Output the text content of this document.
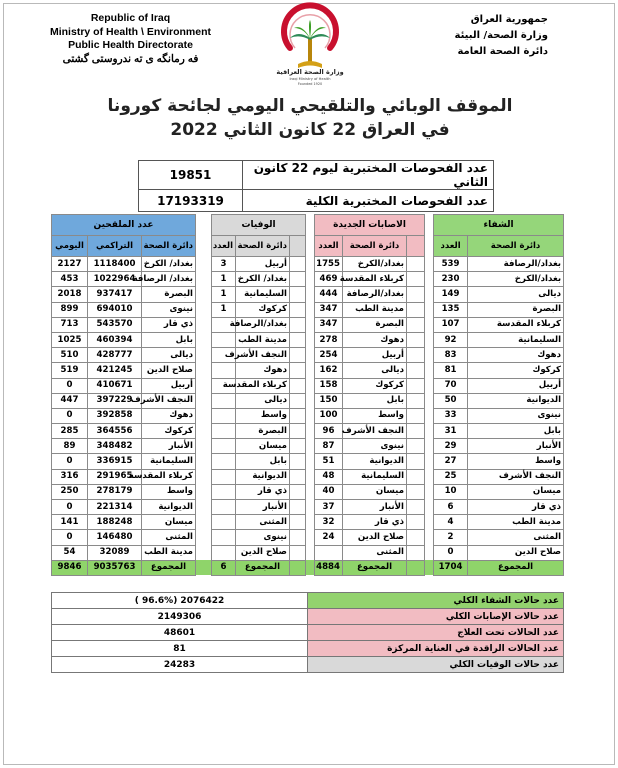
Republic of Iraq
Ministry of Health \ Environment
Public Health Directorate
فه رمانگه ی ته ندروستی گشتی
جمهورية العراق
وزارة الصحة/ البيئة
دائرة الصحة العامة
وزارة الصحة العراقية
Iraqi Ministry of Health
Founded 1920
الموقف الوبائي والتلقيحي اليومي لجائحة كورونا
في العراق 22 كانون الثاني 2022
19851	عدد الفحوصات المختبرية ليوم 22 كانون الثاني
17193319	عدد الفحوصات المختبرية الكلية
عدد الملقحين				الوفيات				الاصابات الجديدة				الشفاء	
اليومي	التراكمي	دائرة الصحة		العدد	دائرة الصحة			العدد	دائرة الصحة			العدد	دائرة الصحة
2127	1118400	بغداد/ الكرخ		3	أربيل			1755	بغداد/الكرخ			539	بغداد/الرصافة
453	1022964	بغداد/ الرصافة		1	بغداد/ الكرخ			469	كربلاء المقدسة			230	بغداد/الكرخ
2018	937417	البصرة		1	السليمانية			444	بغداد/الرصافة			149	ديالى
899	694010	نينوى		1	كركوك			347	مدينة الطب			135	البصرة
713	543570	ذي قار			بغداد/الرصافة			347	البصرة			107	كربلاء المقدسة
1025	460394	بابل			مدينة الطب			278	دهوك			92	السليمانية
510	428777	ديالى			النجف الأشرف			254	أربيل			83	دهوك
519	421245	صلاح الدين			دهوك			162	ديالى			81	كركوك
0	410671	أربيل			كربلاء المقدسة			158	كركوك			70	أربيل
447	397229	النجف الأشرف			ديالى			150	بابل			50	الديوانية
0	392858	دهوك			واسط			100	واسط			33	نينوى
285	364556	كركوك			البصرة			96	النجف الأشرف			31	بابل
89	348482	الأنبار			ميسان			87	نينوى			29	الأنبار
0	336915	السليمانية			بابل			51	الديوانية			27	واسط
316	291965	كربلاء المقدسة			الديوانية			48	السليمانية			25	النجف الأشرف
250	278179	واسط			ذي قار			40	ميسان			10	ميسان
0	221314	الديوانية			الأنبار			37	الأنبار			6	ذي قار
141	188248	ميسان			المثنى			32	ذي قار			4	مدينة الطب
0	146480	المثنى			نينوى			24	صلاح الدين			2	المثنى
54	32089	مدينة الطب			صلاح الدين				المثنى			0	صلاح الدين
9846	9035763	المجموع		6	المجموع			4884	المجموع			1704	المجموع
( 96.6%) 2076422	عدد حالات الشفاء الكلي
2149306	عدد حالات الإصابات الكلي
48601	عدد الحالات تحت العلاج
81	عدد الحالات الراقدة في العناية المركزة
24283	عدد حالات الوفيات الكلي
